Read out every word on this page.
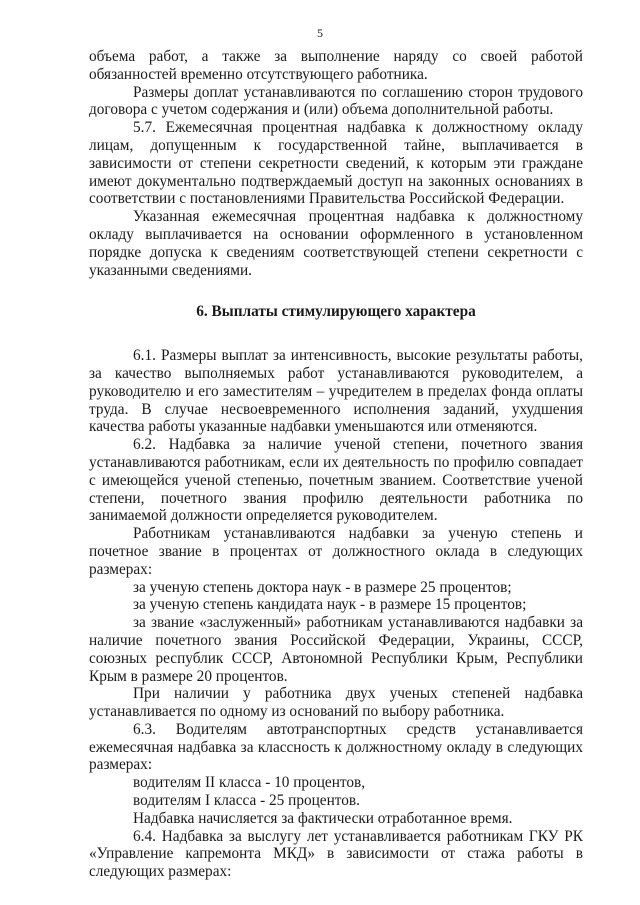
5

объема работ, а также за выполнение наряду со своей работой обязанностей временно отсутствующего работника.

Размеры доплат устанавливаются по соглашению сторон трудового договора с учетом содержания и (или) объема дополнительной работы.

5.7. Ежемесячная процентная надбавка к должностному окладу лицам, допущенным к государственной тайне, выплачивается в зависимости от степени секретности сведений, к которым эти граждане имеют документально подтверждаемый доступ на законных основаниях в соответствии с постановлениями Правительства Российской Федерации.

Указанная ежемесячная процентная надбавка к должностному окладу выплачивается на основании оформленного в установленном порядке допуска к сведениям соответствующей степени секретности с указанными сведениями.

6. Выплаты стимулирующего характера

6.1. Размеры выплат за интенсивность, высокие результаты работы, за качество выполняемых работ устанавливаются руководителем, а руководителю и его заместителям – учредителем в пределах фонда оплаты труда. В случае несвоевременного исполнения заданий, ухудшения качества работы указанные надбавки уменьшаются или отменяются.

6.2. Надбавка за наличие ученой степени, почетного звания устанавливаются работникам, если их деятельность по профилю совпадает с имеющейся ученой степенью, почетным званием. Соответствие ученой степени, почетного звания профилю деятельности работника по занимаемой должности определяется руководителем.

Работникам устанавливаются надбавки за ученую степень и почетное звание в процентах от должностного оклада в следующих размерах:

за ученую степень доктора наук - в размере 25 процентов;

за ученую степень кандидата наук - в размере 15 процентов;

за звание «заслуженный» работникам устанавливаются надбавки за наличие почетного звания Российской Федерации, Украины, СССР, союзных республик СССР, Автономной Республики Крым, Республики Крым в размере 20 процентов.

При наличии у работника двух ученых степеней надбавка устанавливается по одному из оснований по выбору работника.

6.3. Водителям автотранспортных средств устанавливается ежемесячная надбавка за классность к должностному окладу в следующих размерах:

водителям II класса - 10 процентов,

водителям I класса - 25 процентов.

Надбавка начисляется за фактически отработанное время.

6.4. Надбавка за выслугу лет устанавливается работникам ГКУ РК «Управление капремонта МКД» в зависимости от стажа работы в следующих размерах:
